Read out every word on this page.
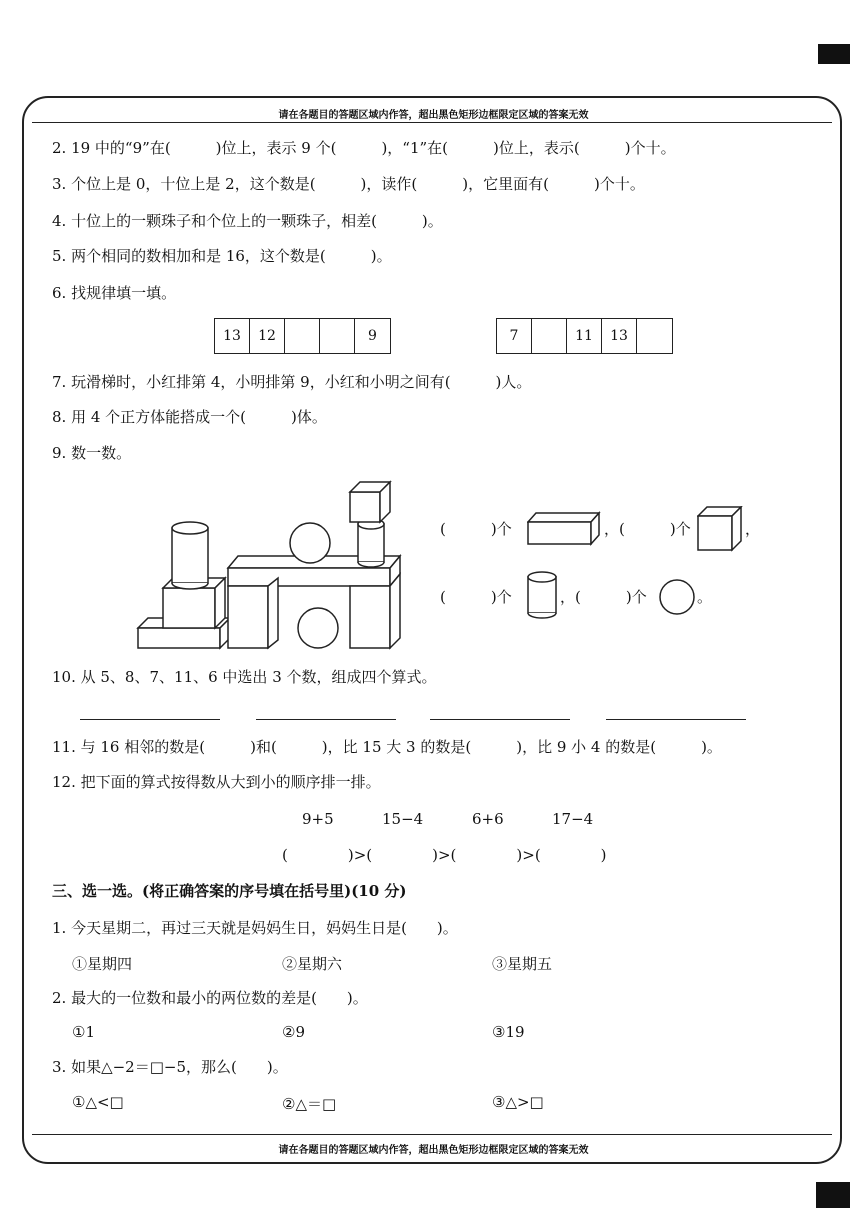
请在各题目的答题区域内作答，超出黑色矩形边框限定区域的答案无效
2. 19 中的“9”在(　　　)位上，表示 9 个(　　　)，“1”在(　　　)位上，表示(　　　)个十。
3. 个位上是 0，十位上是 2，这个数是(　　　)，读作(　　　)，它里面有(　　　)个十。
4. 十位上的一颗珠子和个位上的一颗珠子，相差(　　　)。
5. 两个相同的数相加和是 16，这个数是(　　　)。
6. 找规律填一填。
13	12	9	7	11	13
7. 玩滑梯时，小红排第 4，小明排第 9，小红和小明之间有(　　　)人。
8. 用 4 个正方体能搭成一个(　　　)体。
9. 数一数。
(　　　)个	，(　　　)个	，
(　　　)个	，(　　　)个	。
10. 从 5、8、7、11、6 中选出 3 个数，组成四个算式。
11. 与 16 相邻的数是(　　　)和(　　　)，比 15 大 3 的数是(　　　)，比 9 小 4 的数是(　　　)。
12. 把下面的算式按得数从大到小的顺序排一排。
9+5	15−4	6+6	17−4
(　　　　)>(　　　　)>(　　　　)>(　　　　)
三、选一选。(将正确答案的序号填在括号里)(10 分)
1. 今天星期二，再过三天就是妈妈生日，妈妈生日是(　　)。
①星期四	②星期六	③星期五
2. 最大的一位数和最小的两位数的差是(　　)。
①1	②9	③19
3. 如果△−2＝□−5，那么(　　)。
①△<□	②△＝□	③△>□
请在各题目的答题区域内作答，超出黑色矩形边框限定区域的答案无效
